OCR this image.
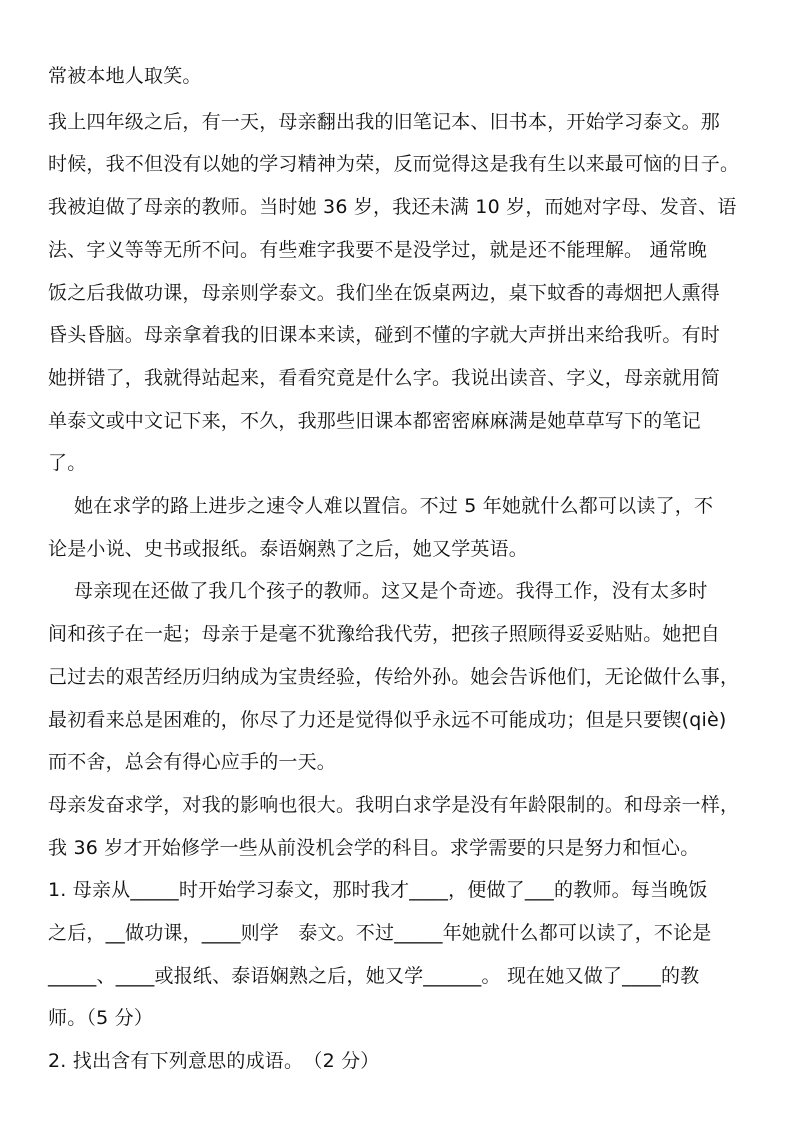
常被本地人取笑。
我上四年级之后，有一天，母亲翻出我的旧笔记本、旧书本，开始学习泰文。那
时候，我不但没有以她的学习精神为荣，反而觉得这是我有生以来最可恼的日子。
我被迫做了母亲的教师。当时她 36 岁，我还未满 10 岁，而她对字母、发音、语
法、字义等等无所不问。有些难字我要不是没学过，就是还不能理解。 通常晚
饭之后我做功课，母亲则学泰文。我们坐在饭桌两边，桌下蚊香的毒烟把人熏得
昏头昏脑。母亲拿着我的旧课本来读，碰到不懂的字就大声拼出来给我听。有时
她拼错了，我就得站起来，看看究竟是什么字。我说出读音、字义，母亲就用简
单泰文或中文记下来，不久，我那些旧课本都密密麻麻满是她草草写下的笔记
了。
她在求学的路上进步之速令人难以置信。不过 5 年她就什么都可以读了，不
论是小说、史书或报纸。泰语娴熟了之后，她又学英语。
母亲现在还做了我几个孩子的教师。这又是个奇迹。我得工作，没有太多时
间和孩子在一起；母亲于是毫不犹豫给我代劳，把孩子照顾得妥妥贴贴。她把自
己过去的艰苦经历归纳成为宝贵经验，传给外孙。她会告诉他们，无论做什么事，
最初看来总是困难的，你尽了力还是觉得似乎永远不可能成功；但是只要锲(qiè)
而不舍，总会有得心应手的一天。
母亲发奋求学，对我的影响也很大。我明白求学是没有年龄限制的。和母亲一样，
我 36 岁才开始修学一些从前没机会学的科目。求学需要的只是努力和恒心。
1. 母亲从_____时开始学习泰文，那时我才____，便做了___的教师。每当晚饭
之后，__做功课，____则学　泰文。不过_____年她就什么都可以读了，不论是
_____、____或报纸、泰语娴熟之后，她又学______。 现在她又做了____的教
师。（5 分）
2. 找出含有下列意思的成语。　（2 分）
